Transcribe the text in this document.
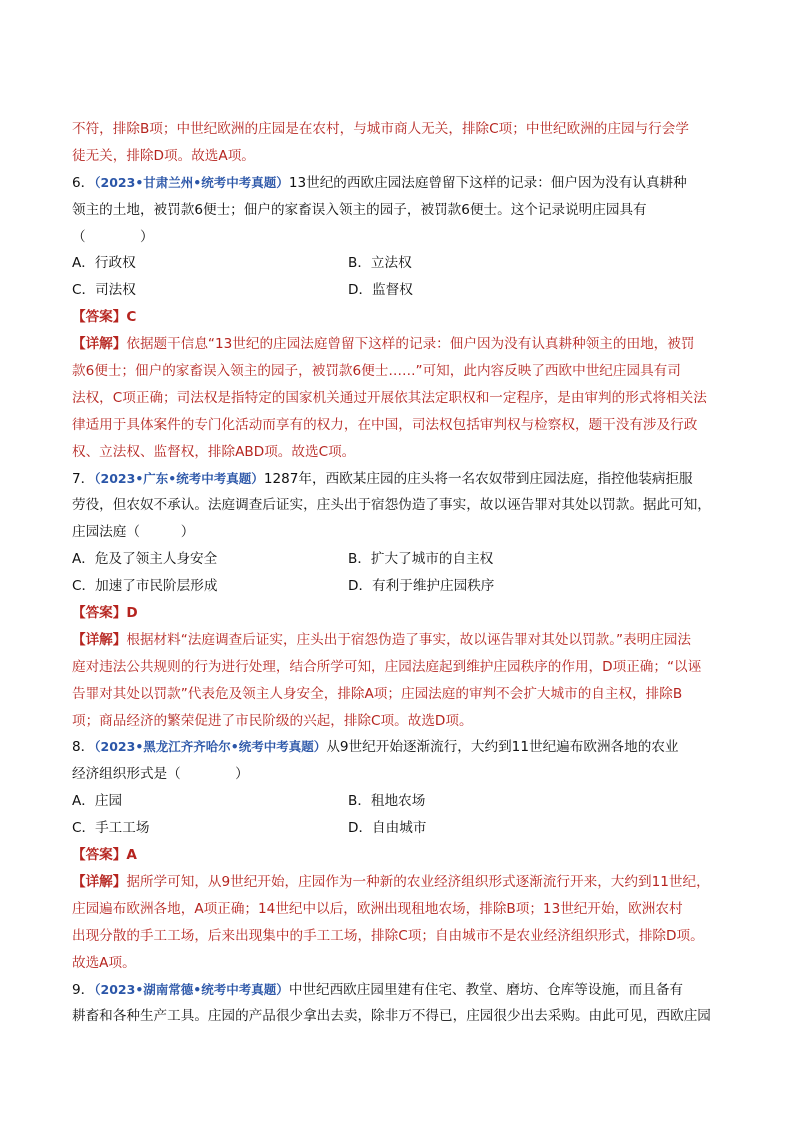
不符，排除B项；中世纪欧洲的庄园是在农村，与城市商人无关，排除C项；中世纪欧洲的庄园与行会学
徒无关，排除D项。故选A项。
6．（2023•甘肃兰州•统考中考真题）13世纪的西欧庄园法庭曾留下这样的记录：佃户因为没有认真耕种
领主的土地，被罚款6便士；佃户的家畜误入领主的园子，被罚款6便士。这个记录说明庄园具有
（　　　　）
A．行政权	B．立法权
C．司法权	D．监督权
【答案】C
【详解】依据题干信息“13世纪的庄园法庭曾留下这样的记录：佃户因为没有认真耕种领主的田地，被罚
款6便士；佃户的家畜误入领主的园子，被罚款6便士……”可知，此内容反映了西欧中世纪庄园具有司
法权，C项正确；司法权是指特定的国家机关通过开展依其法定职权和一定程序，是由审判的形式将相关法
律适用于具体案件的专门化活动而享有的权力，在中国，司法权包括审判权与检察权，题干没有涉及行政
权、立法权、监督权，排除ABD项。故选C项。
7．（2023•广东•统考中考真题）1287年，西欧某庄园的庄头将一名农奴带到庄园法庭，指控他装病拒服
劳役，但农奴不承认。法庭调查后证实，庄头出于宿怨伪造了事实，故以诬告罪对其处以罚款。据此可知，
庄园法庭（　　　）
A．危及了领主人身安全	B．扩大了城市的自主权
C．加速了市民阶层形成	D．有利于维护庄园秩序
【答案】D
【详解】根据材料“法庭调查后证实，庄头出于宿怨伪造了事实，故以诬告罪对其处以罚款。”表明庄园法
庭对违法公共规则的行为进行处理，结合所学可知，庄园法庭起到维护庄园秩序的作用，D项正确；“以诬
告罪对其处以罚款”代表危及领主人身安全，排除A项；庄园法庭的审判不会扩大城市的自主权，排除B
项；商品经济的繁荣促进了市民阶级的兴起，排除C项。故选D项。
8．（2023•黑龙江齐齐哈尔•统考中考真题）从9世纪开始逐渐流行，大约到11世纪遍布欧洲各地的农业
经济组织形式是（　　　　）
A．庄园	B．租地农场
C．手工工场	D．自由城市
【答案】A
【详解】据所学可知，从9世纪开始，庄园作为一种新的农业经济组织形式逐渐流行开来，大约到11世纪，
庄园遍布欧洲各地，A项正确；14世纪中以后，欧洲出现租地农场，排除B项；13世纪开始，欧洲农村
出现分散的手工工场，后来出现集中的手工工场，排除C项；自由城市不是农业经济组织形式，排除D项。
故选A项。
9．（2023•湖南常德•统考中考真题）中世纪西欧庄园里建有住宅、教堂、磨坊、仓库等设施，而且备有
耕畜和各种生产工具。庄园的产品很少拿出去卖，除非万不得已，庄园很少出去采购。由此可见，西欧庄园
